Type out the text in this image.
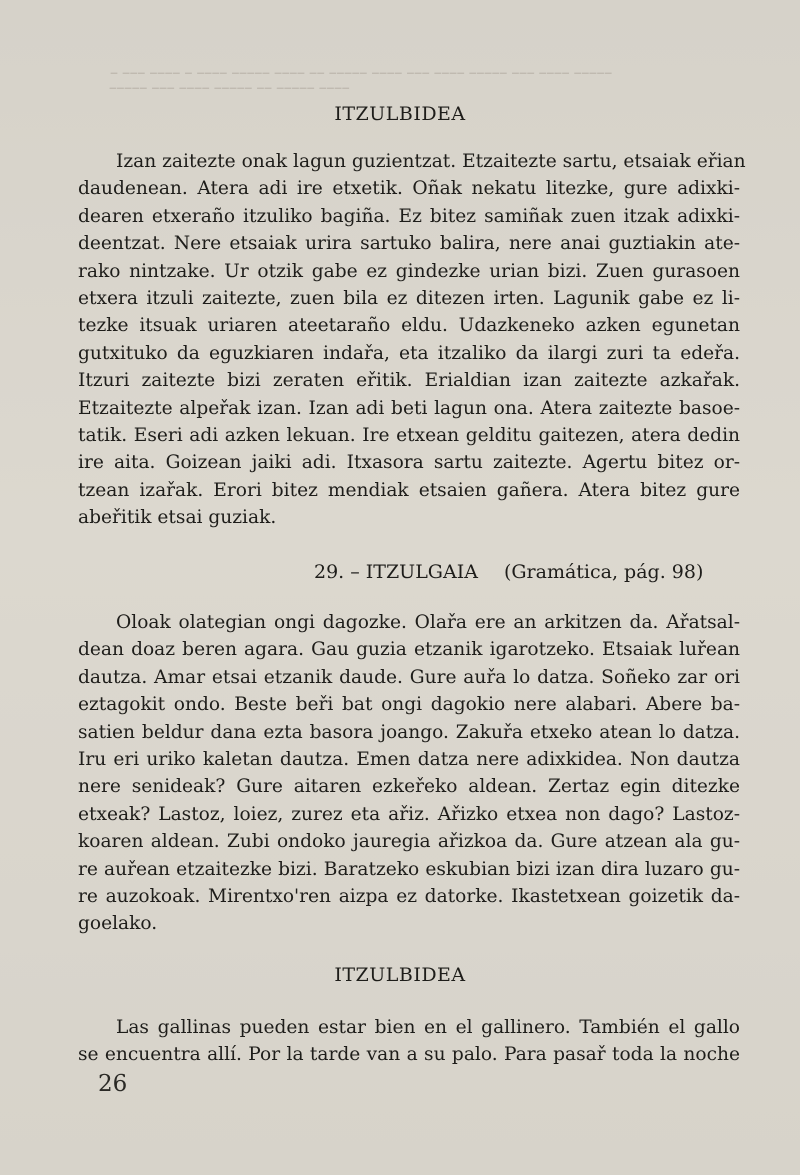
─ ─── ──── ─ ──── ───── ──── ── ───── ──── ─── ──── ───── ─── ──── ─────
───── ─── ──── ───── ── ───── ────
ITZULBIDEA
Izan zaitezte onak lagun guzientzat. Etzaitezte sartu, etsaiak eřian
daudenean. Atera adi ire etxetik. Oñak nekatu litezke, gure adixki-
dearen etxeraño itzuliko bagiña. Ez bitez samiñak zuen itzak adixki-
deentzat. Nere etsaiak urira sartuko balira, nere anai guztiakin ate-
rako nintzake. Ur otzik gabe ez gindezke urian bizi. Zuen gurasoen
etxera itzuli zaitezte, zuen bila ez ditezen irten. Lagunik gabe ez li-
tezke itsuak uriaren ateetaraño eldu. Udazkeneko azken egunetan
gutxituko da eguzkiaren indařa, eta itzaliko da ilargi zuri ta edeřa.
Itzuri zaitezte bizi zeraten eřitik. Erialdian izan zaitezte azkařak.
Etzaitezte alpeřak izan. Izan adi beti lagun ona. Atera zaitezte basoe-
tatik. Eseri adi azken lekuan. Ire etxean gelditu gaitezen, atera dedin
ire aita. Goizean jaiki adi. Itxasora sartu zaitezte. Agertu bitez or-
tzean izařak. Erori bitez mendiak etsaien gañera. Atera bitez gure
abeřitik etsai guziak.
29. – ITZULGAIA (Gramática, pág. 98)
Oloak olategian ongi dagozke. Olařa ere an arkitzen da. Ařatsal-
dean doaz beren agara. Gau guzia etzanik igarotzeko. Etsaiak luřean
dautza. Amar etsai etzanik daude. Gure auřa lo datza. Soñeko zar ori
eztagokit ondo. Beste beři bat ongi dagokio nere alabari. Abere ba-
satien beldur dana ezta basora joango. Zakuřa etxeko atean lo datza.
Iru eri uriko kaletan dautza. Emen datza nere adixkidea. Non dautza
nere senideak? Gure aitaren ezkeřeko aldean. Zertaz egin ditezke
etxeak? Lastoz, loiez, zurez eta ařiz. Ařizko etxea non dago? Lastoz-
koaren aldean. Zubi ondoko jauregia ařizkoa da. Gure atzean ala gu-
re auřean etzaitezke bizi. Baratzeko eskubian bizi izan dira luzaro gu-
re auzokoak. Mirentxo'ren aizpa ez datorke. Ikastetxean goizetik da-
goelako.
ITZULBIDEA
Las gallinas pueden estar bien en el gallinero. También el gallo
se encuentra allí. Por la tarde van a su palo. Para pasař toda la noche
26
